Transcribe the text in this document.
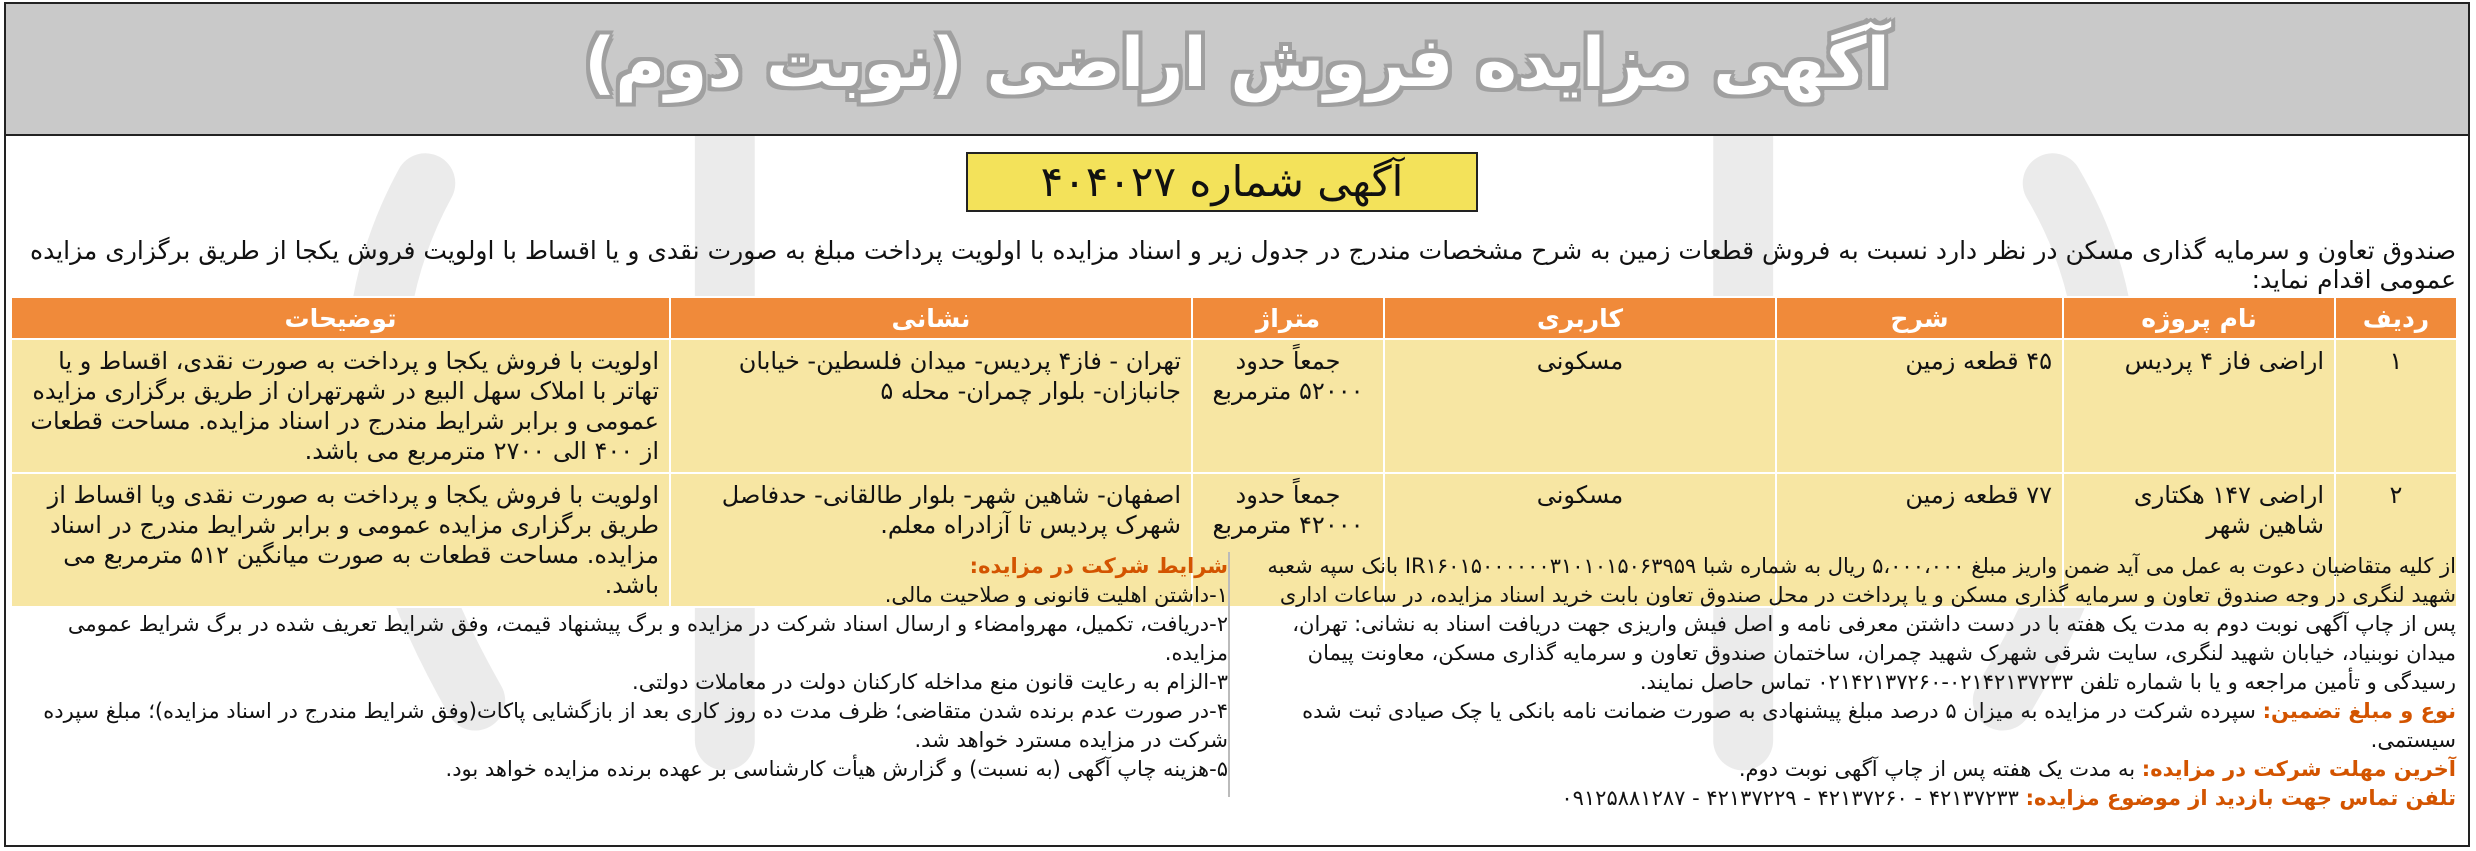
آگهی مزایده فروش اراضی (نوبت دوم)
آگهی شماره ۴۰۴۰۲۷
صندوق تعاون و سرمایه گذاری مسکن در نظر دارد نسبت به فروش قطعات زمین به شرح مشخصات مندرج در جدول زیر و اسناد مزایده با اولویت پرداخت مبلغ به صورت نقدی و یا اقساط با اولویت فروش یکجا از طریق برگزاری مزایده عمومی اقدام نماید:
ردیف	نام پروژه	شرح	کاربری	متراژ	نشانی	توضیحات
۱	اراضی فاز ۴ پردیس	۴۵ قطعه زمین	مسکونی	جمعاً حدود ۵۲۰۰۰ مترمربع	تهران - فاز۴ پردیس- میدان فلسطین- خیابان جانبازان- بلوار چمران- محله ۵	اولویت با فروش یکجا و پرداخت به صورت نقدی، اقساط و یا تهاتر با املاک سهل البیع در شهرتهران از طریق برگزاری مزایده عمومی و برابر شرایط مندرج در اسناد مزایده. مساحت قطعات از ۴۰۰ الی ۲۷۰۰ مترمربع می باشد.
۲	اراضی ۱۴۷ هکتاری شاهین شهر	۷۷ قطعه زمین	مسکونی	جمعاً حدود ۴۲۰۰۰ مترمربع	اصفهان- شاهین شهر- بلوار طالقانی- حدفاصل شهرک پردیس تا آزادراه معلم.	اولویت با فروش یکجا و پرداخت به صورت نقدی ویا اقساط از طریق برگزاری مزایده عمومی و برابر شرایط مندرج در اسناد مزایده. مساحت قطعات به صورت میانگین ۵۱۲ مترمربع می باشد.
از کلیه متقاضیان دعوت به عمل می آید ضمن واریز مبلغ ۵،۰۰۰،۰۰۰ ریال به شماره شبا IR۱۶۰۱۵۰۰۰۰۰۰۳۱۰۱۰۱۵۰۶۳۹۵۹ بانک سپه شعبه شهید لنگری در وجه صندوق تعاون و سرمایه گذاری مسکن و یا پرداخت در محل صندوق تعاون بابت خرید اسناد مزایده، در ساعات اداری پس از چاپ آگهی نوبت دوم به مدت یک هفته با در دست داشتن معرفی نامه و اصل فیش واریزی جهت دریافت اسناد به نشانی: تهران، میدان نوبنیاد، خیابان شهید لنگری، سایت شرقی شهرک شهید چمران، ساختمان صندوق تعاون و سرمایه گذاری مسکن، معاونت پیمان رسیدگی و تأمین مراجعه و یا با شماره تلفن ۰۲۱۴۲۱۳۷۲۳۳-۰۲۱۴۲۱۳۷۲۶۰ تماس حاصل نمایند.
نوع و مبلغ تضمین: سپرده شرکت در مزایده به میزان ۵ درصد مبلغ پیشنهادی به صورت ضمانت نامه بانکی یا چک صیادی ثبت شده سیستمی.
آخرین مهلت شرکت در مزایده: به مدت یک هفته پس از چاپ آگهی نوبت دوم.
تلفن تماس جهت بازدید از موضوع مزایده: ۴۲۱۳۷۲۳۳ - ۴۲۱۳۷۲۶۰ - ۴۲۱۳۷۲۲۹ - ۰۹۱۲۵۸۸۱۲۸۷
شرایط شرکت در مزایده:
۱-داشتن اهلیت قانونی و صلاحیت مالی.
۲-دریافت، تکمیل، مهروامضاء و ارسال اسناد شرکت در مزایده و برگ پیشنهاد قیمت، وفق شرایط تعریف شده در برگ شرایط عمومی مزایده.
۳-الزام به رعایت قانون منع مداخله کارکنان دولت در معاملات دولتی.
۴-در صورت عدم برنده شدن متقاضی؛ ظرف مدت ده روز کاری بعد از بازگشایی پاکات(وفق شرایط مندرج در اسناد مزایده)؛ مبلغ سپرده شرکت در مزایده مسترد خواهد شد.
۵-هزینه چاپ آگهی (به نسبت) و گزارش هیأت کارشناسی بر عهده برنده مزایده خواهد بود.
